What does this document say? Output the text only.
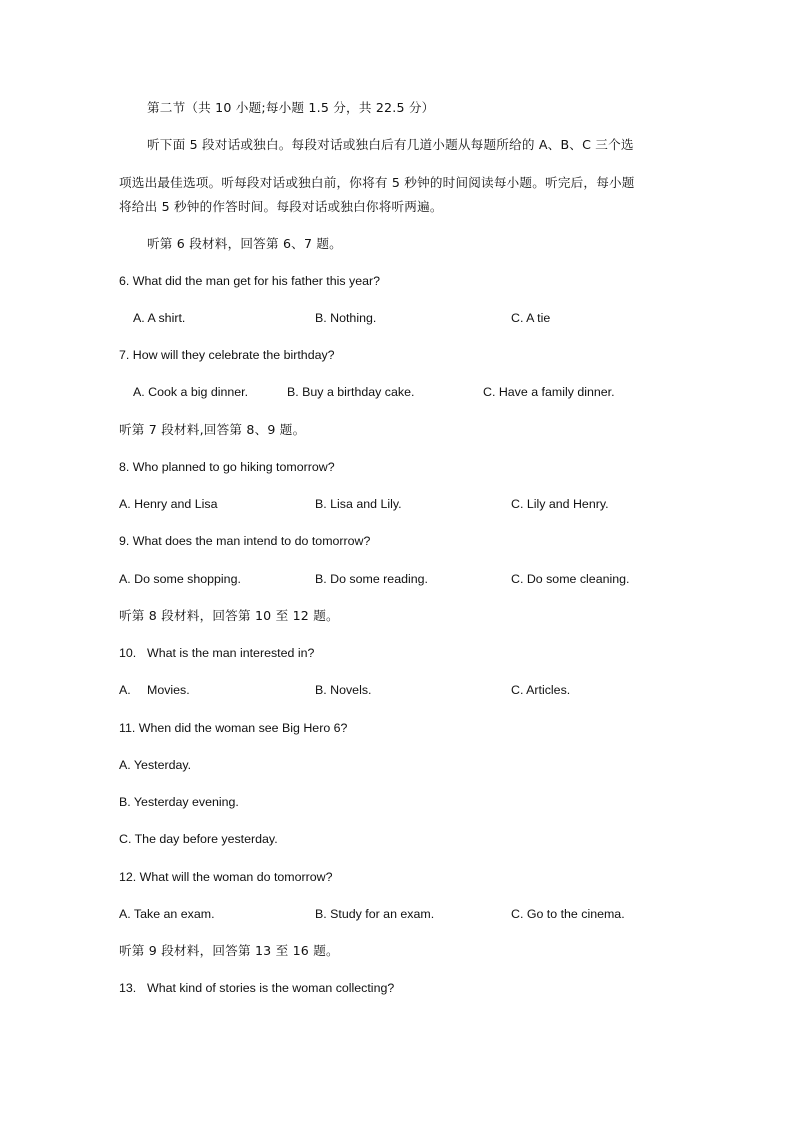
第二节（共 10 小题;每小题 1.5 分，共 22.5 分）
听下面 5 段对话或独白。每段对话或独白后有几道小题从每题所给的 A、B、C 三个选
项选出最佳选项。听每段对话或独白前，你将有 5 秒钟的时间阅读每小题。听完后，每小题
将给出 5 秒钟的作答时间。每段对话或独白你将听两遍。
听第 6 段材料，回答第 6、7 题。
6. What did the man get for his father this year?
A. A shirt.	B. Nothing.	C. A tie
7. How will they celebrate the birthday?
A. Cook a big dinner.	B. Buy a birthday cake.	C. Have a family dinner.
听第 7 段材料,回答第 8、9 题。
8. Who planned to go hiking tomorrow?
A. Henry and Lisa	B. Lisa and Lily.	C. Lily and Henry.
9. What does the man intend to do tomorrow?
A. Do some shopping.	B. Do some reading.	C. Do some cleaning.
听第 8 段材料，回答第 10 至 12 题。
10. What is the man interested in?
A. Movies.	B. Novels.	C. Articles.
11. When did the woman see Big Hero 6?
A. Yesterday.
B. Yesterday evening.
C. The day before yesterday.
12. What will the woman do tomorrow?
A. Take an exam.	B. Study for an exam.	C. Go to the cinema.
听第 9 段材料，回答第 13 至 16 题。
13. What kind of stories is the woman collecting?
